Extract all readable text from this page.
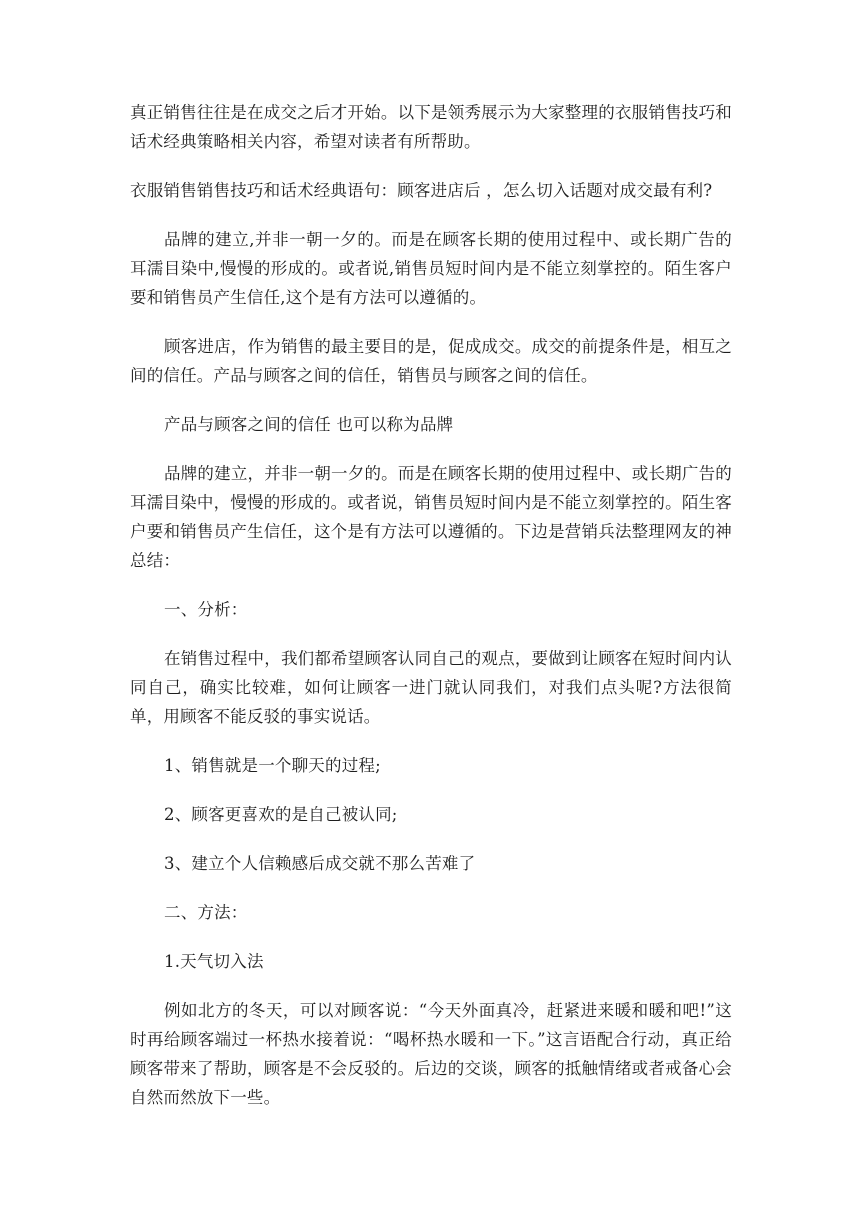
真正销售往往是在成交之后才开始。以下是领秀展示为大家整理的衣服销售技巧和话术经典策略相关内容，希望对读者有所帮助。

衣服销售销售技巧和话术经典语句：顾客进店后 ，怎么切入话题对成交最有利?

品牌的建立,并非一朝一夕的。而是在顾客长期的使用过程中、或长期广告的耳濡目染中,慢慢的形成的。或者说,销售员短时间内是不能立刻掌控的。陌生客户要和销售员产生信任,这个是有方法可以遵循的。

顾客进店，作为销售的最主要目的是，促成成交。成交的前提条件是，相互之间的信任。产品与顾客之间的信任，销售员与顾客之间的信任。

产品与顾客之间的信任 也可以称为品牌

品牌的建立，并非一朝一夕的。而是在顾客长期的使用过程中、或长期广告的耳濡目染中，慢慢的形成的。或者说，销售员短时间内是不能立刻掌控的。陌生客户要和销售员产生信任，这个是有方法可以遵循的。下边是营销兵法整理网友的神总结：

一、分析：

在销售过程中，我们都希望顾客认同自己的观点，要做到让顾客在短时间内认同自己，确实比较难，如何让顾客一进门就认同我们，对我们点头呢?方法很简单，用顾客不能反驳的事实说话。

1、销售就是一个聊天的过程;

2、顾客更喜欢的是自己被认同;

3、建立个人信赖感后成交就不那么苦难了

二、方法：

1.天气切入法

例如北方的冬天，可以对顾客说：“今天外面真冷，赶紧进来暖和暖和吧!”这时再给顾客端过一杯热水接着说：“喝杯热水暖和一下。”这言语配合行动，真正给顾客带来了帮助，顾客是不会反驳的。后边的交谈，顾客的抵触情绪或者戒备心会自然而然放下一些。
